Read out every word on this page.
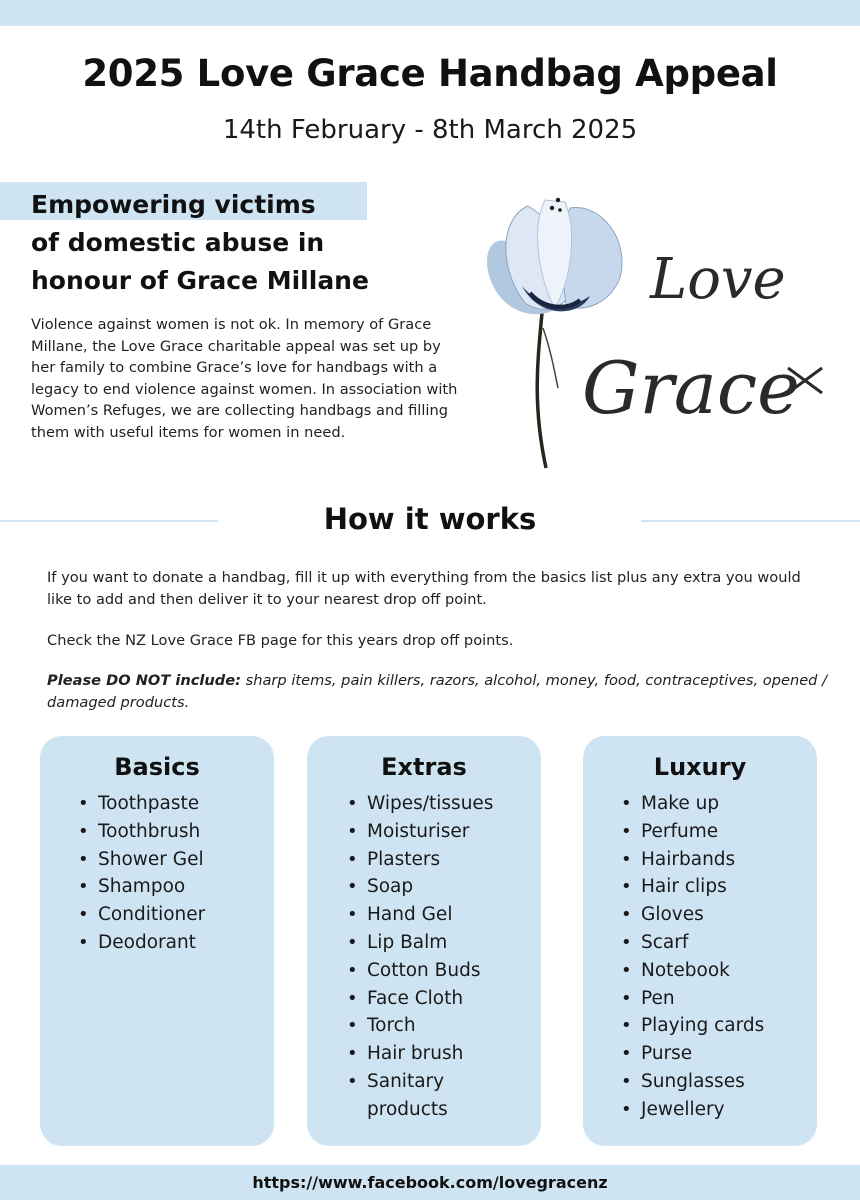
2025 Love Grace Handbag Appeal
14th February - 8th March 2025
Empowering victims
of domestic abuse in
honour of Grace Millane

Violence against women is not ok. In memory of Grace Millane, the Love Grace charitable appeal was set up by her family to combine Grace’s love for handbags with a legacy to end violence against women. In association with Women’s Refuges, we are collecting handbags and filling them with useful items for women in need.

Love
Grace
How it works

If you want to donate a handbag, fill it up with everything from the basics list plus any extra you would like to add and then deliver it to your nearest drop off point.

Check the NZ Love Grace FB page for this years drop off points.

Please DO NOT include: sharp items, pain killers, razors, alcohol, money, food, contraceptives, opened / damaged products.

Basics
• Toothpaste
• Toothbrush
• Shower Gel
• Shampoo
• Conditioner
• Deodorant
Extras
• Wipes/tissues
• Moisturiser
• Plasters
• Soap
• Hand Gel
• Lip Balm
• Cotton Buds
• Face Cloth
• Torch
• Hair brush
• Sanitary products
Luxury
• Make up
• Perfume
• Hairbands
• Hair clips
• Gloves
• Scarf
• Notebook
• Pen
• Playing cards
• Purse
• Sunglasses
• Jewellery
https://www.facebook.com/lovegracenz
